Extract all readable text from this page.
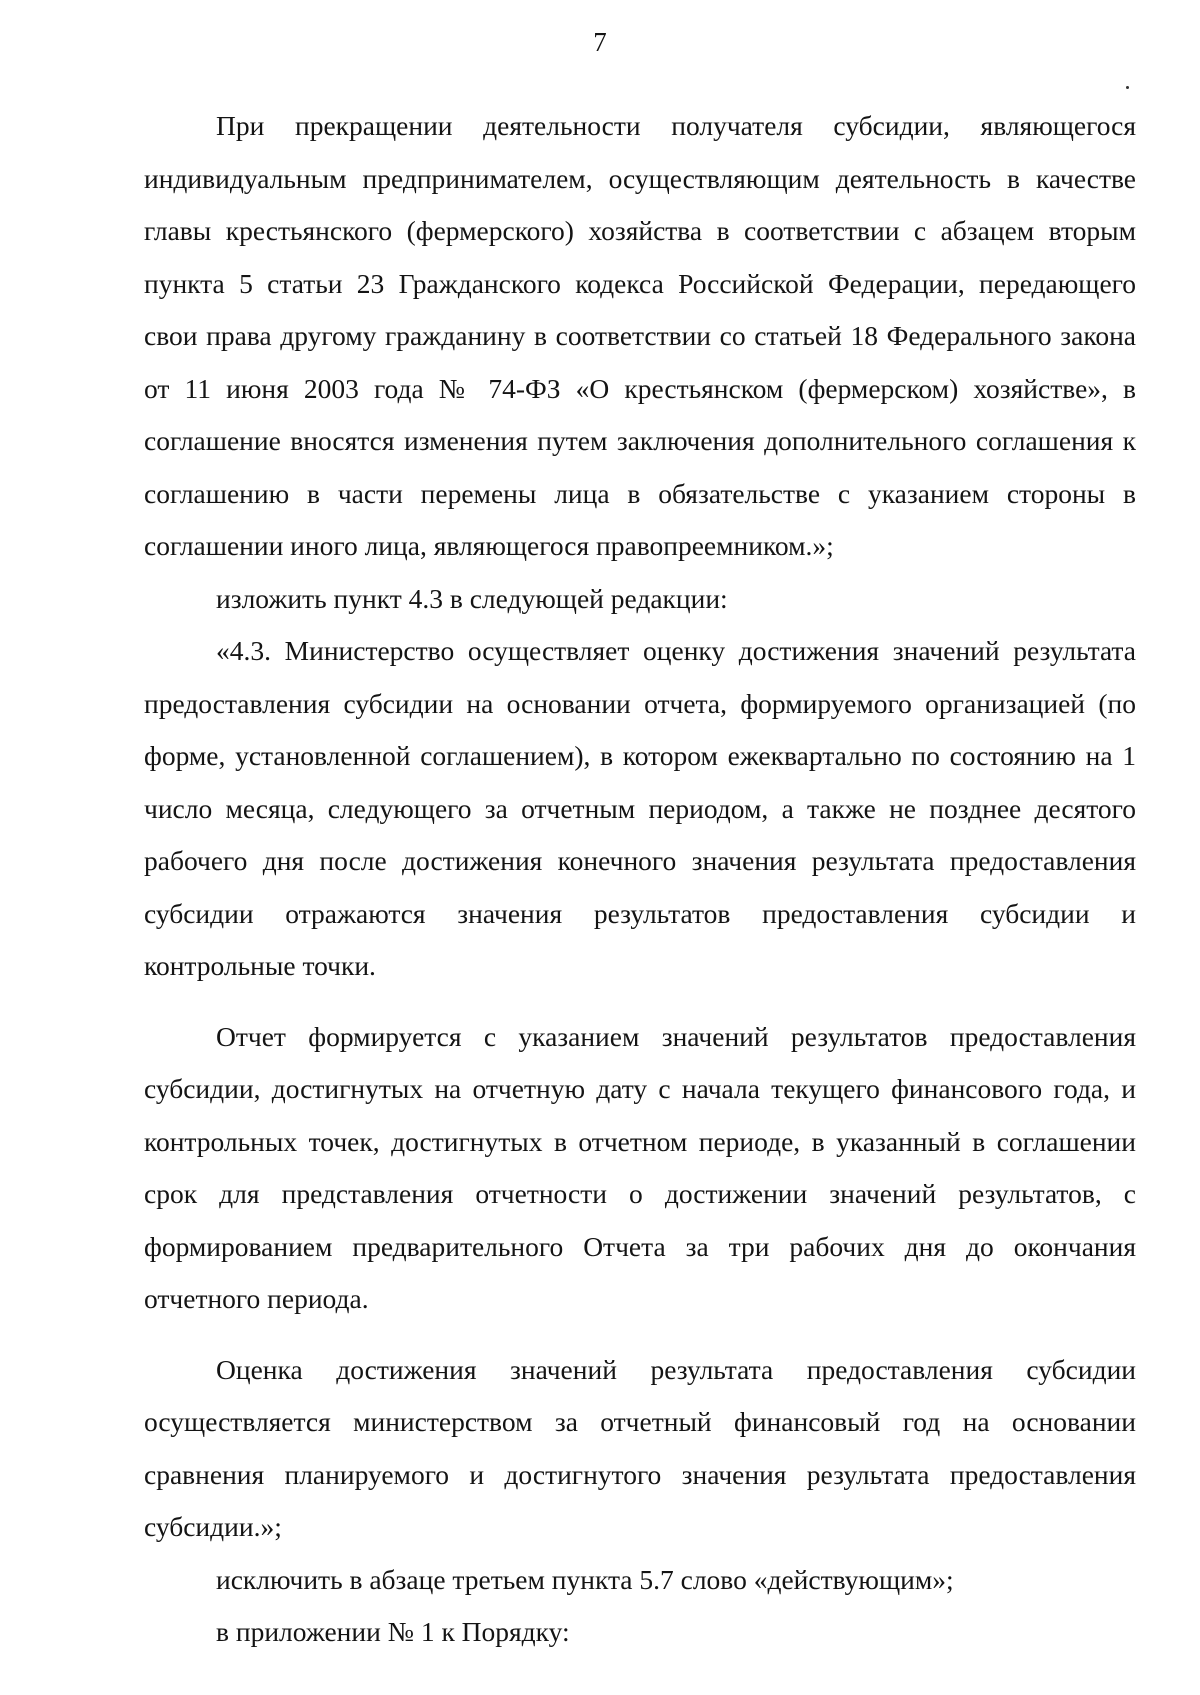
7

При прекращении деятельности получателя субсидии, являющегося индивидуальным предпринимателем, осуществляющим деятельность в качестве главы крестьянского (фермерского) хозяйства в соответствии с абзацем вторым пункта 5 статьи 23 Гражданского кодекса Российской Федерации, передающего свои права другому гражданину в соответствии со статьей 18 Федерального закона от 11 июня 2003 года № 74-ФЗ «О крестьянском (фермерском) хозяйстве», в соглашение вносятся изменения путем заключения дополнительного соглашения к соглашению в части перемены лица в обязательстве с указанием стороны в соглашении иного лица, являющегося правопреемником.»;

изложить пункт 4.3 в следующей редакции:

«4.3. Министерство осуществляет оценку достижения значений результата предоставления субсидии на основании отчета, формируемого организацией (по форме, установленной соглашением), в котором ежеквартально по состоянию на 1 число месяца, следующего за отчетным периодом, а также не позднее десятого рабочего дня после достижения конечного значения результата предоставления субсидии отражаются значения результатов предоставления субсидии и контрольные точки.

Отчет формируется с указанием значений результатов предоставления субсидии, достигнутых на отчетную дату с начала текущего финансового года, и контрольных точек, достигнутых в отчетном периоде, в указанный в соглашении срок для представления отчетности о достижении значений результатов, с формированием предварительного Отчета за три рабочих дня до окончания отчетного периода.

Оценка достижения значений результата предоставления субсидии осуществляется министерством за отчетный финансовый год на основании сравнения планируемого и достигнутого значения результата предоставления субсидии.»;

исключить в абзаце третьем пункта 5.7 слово «действующим»;

в приложении № 1 к Порядку:
